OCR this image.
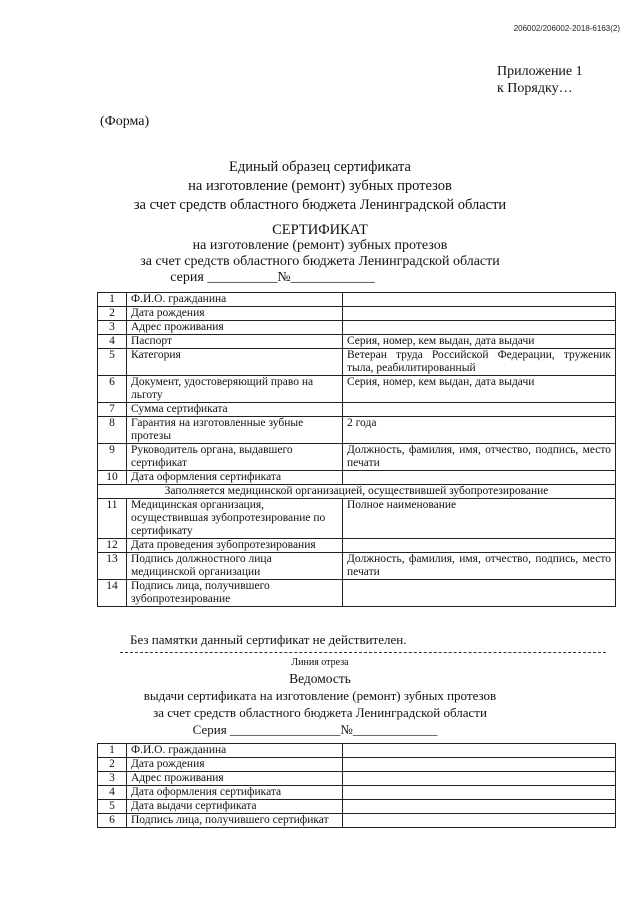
206002/206002-2018-6163(2)
Приложение 1
к Порядку…
(Форма)
Единый образец сертификата
на изготовление (ремонт) зубных протезов
за счет средств областного бюджета Ленинградской области
СЕРТИФИКАТ
на изготовление (ремонт) зубных протезов
за счет средств областного бюджета Ленинградской области
серия __________№____________
1	Ф.И.О. гражданина	
2	Дата рождения	
3	Адрес проживания	
4	Паспорт	Серия, номер, кем выдан, дата выдачи
5	Категория	Ветеран труда Российской Федерации, труженик тыла, реабилитированный
6	Документ, удостоверяющий право на льготу	Серия, номер, кем выдан, дата выдачи
7	Сумма сертификата	
8	Гарантия на изготовленные зубные протезы	2 года
9	Руководитель органа, выдавшего сертификат	Должность, фамилия, имя, отчество, подпись, место печати
10	Дата оформления сертификата	
Заполняется медицинской организацией, осуществившей зубопротезирование		
11	Медицинская организация, осуществившая зубопротезирование по сертификату	Полное наименование
12	Дата проведения зубопротезирования	
13	Подпись должностного лица медицинской организации	Должность, фамилия, имя, отчество, подпись, место печати
14	Подпись лица, получившего зубопротезирование	
Без памятки данный сертификат не действителен.
Линия отреза
Ведомость
выдачи сертификата на изготовление (ремонт) зубных протезов
за счет средств областного бюджета Ленинградской области
Серия _________________№_____________
1	Ф.И.О. гражданина	
2	Дата рождения	
3	Адрес проживания	
4	Дата оформления сертификата	
5	Дата выдачи сертификата	
6	Подпись лица, получившего сертификат	
